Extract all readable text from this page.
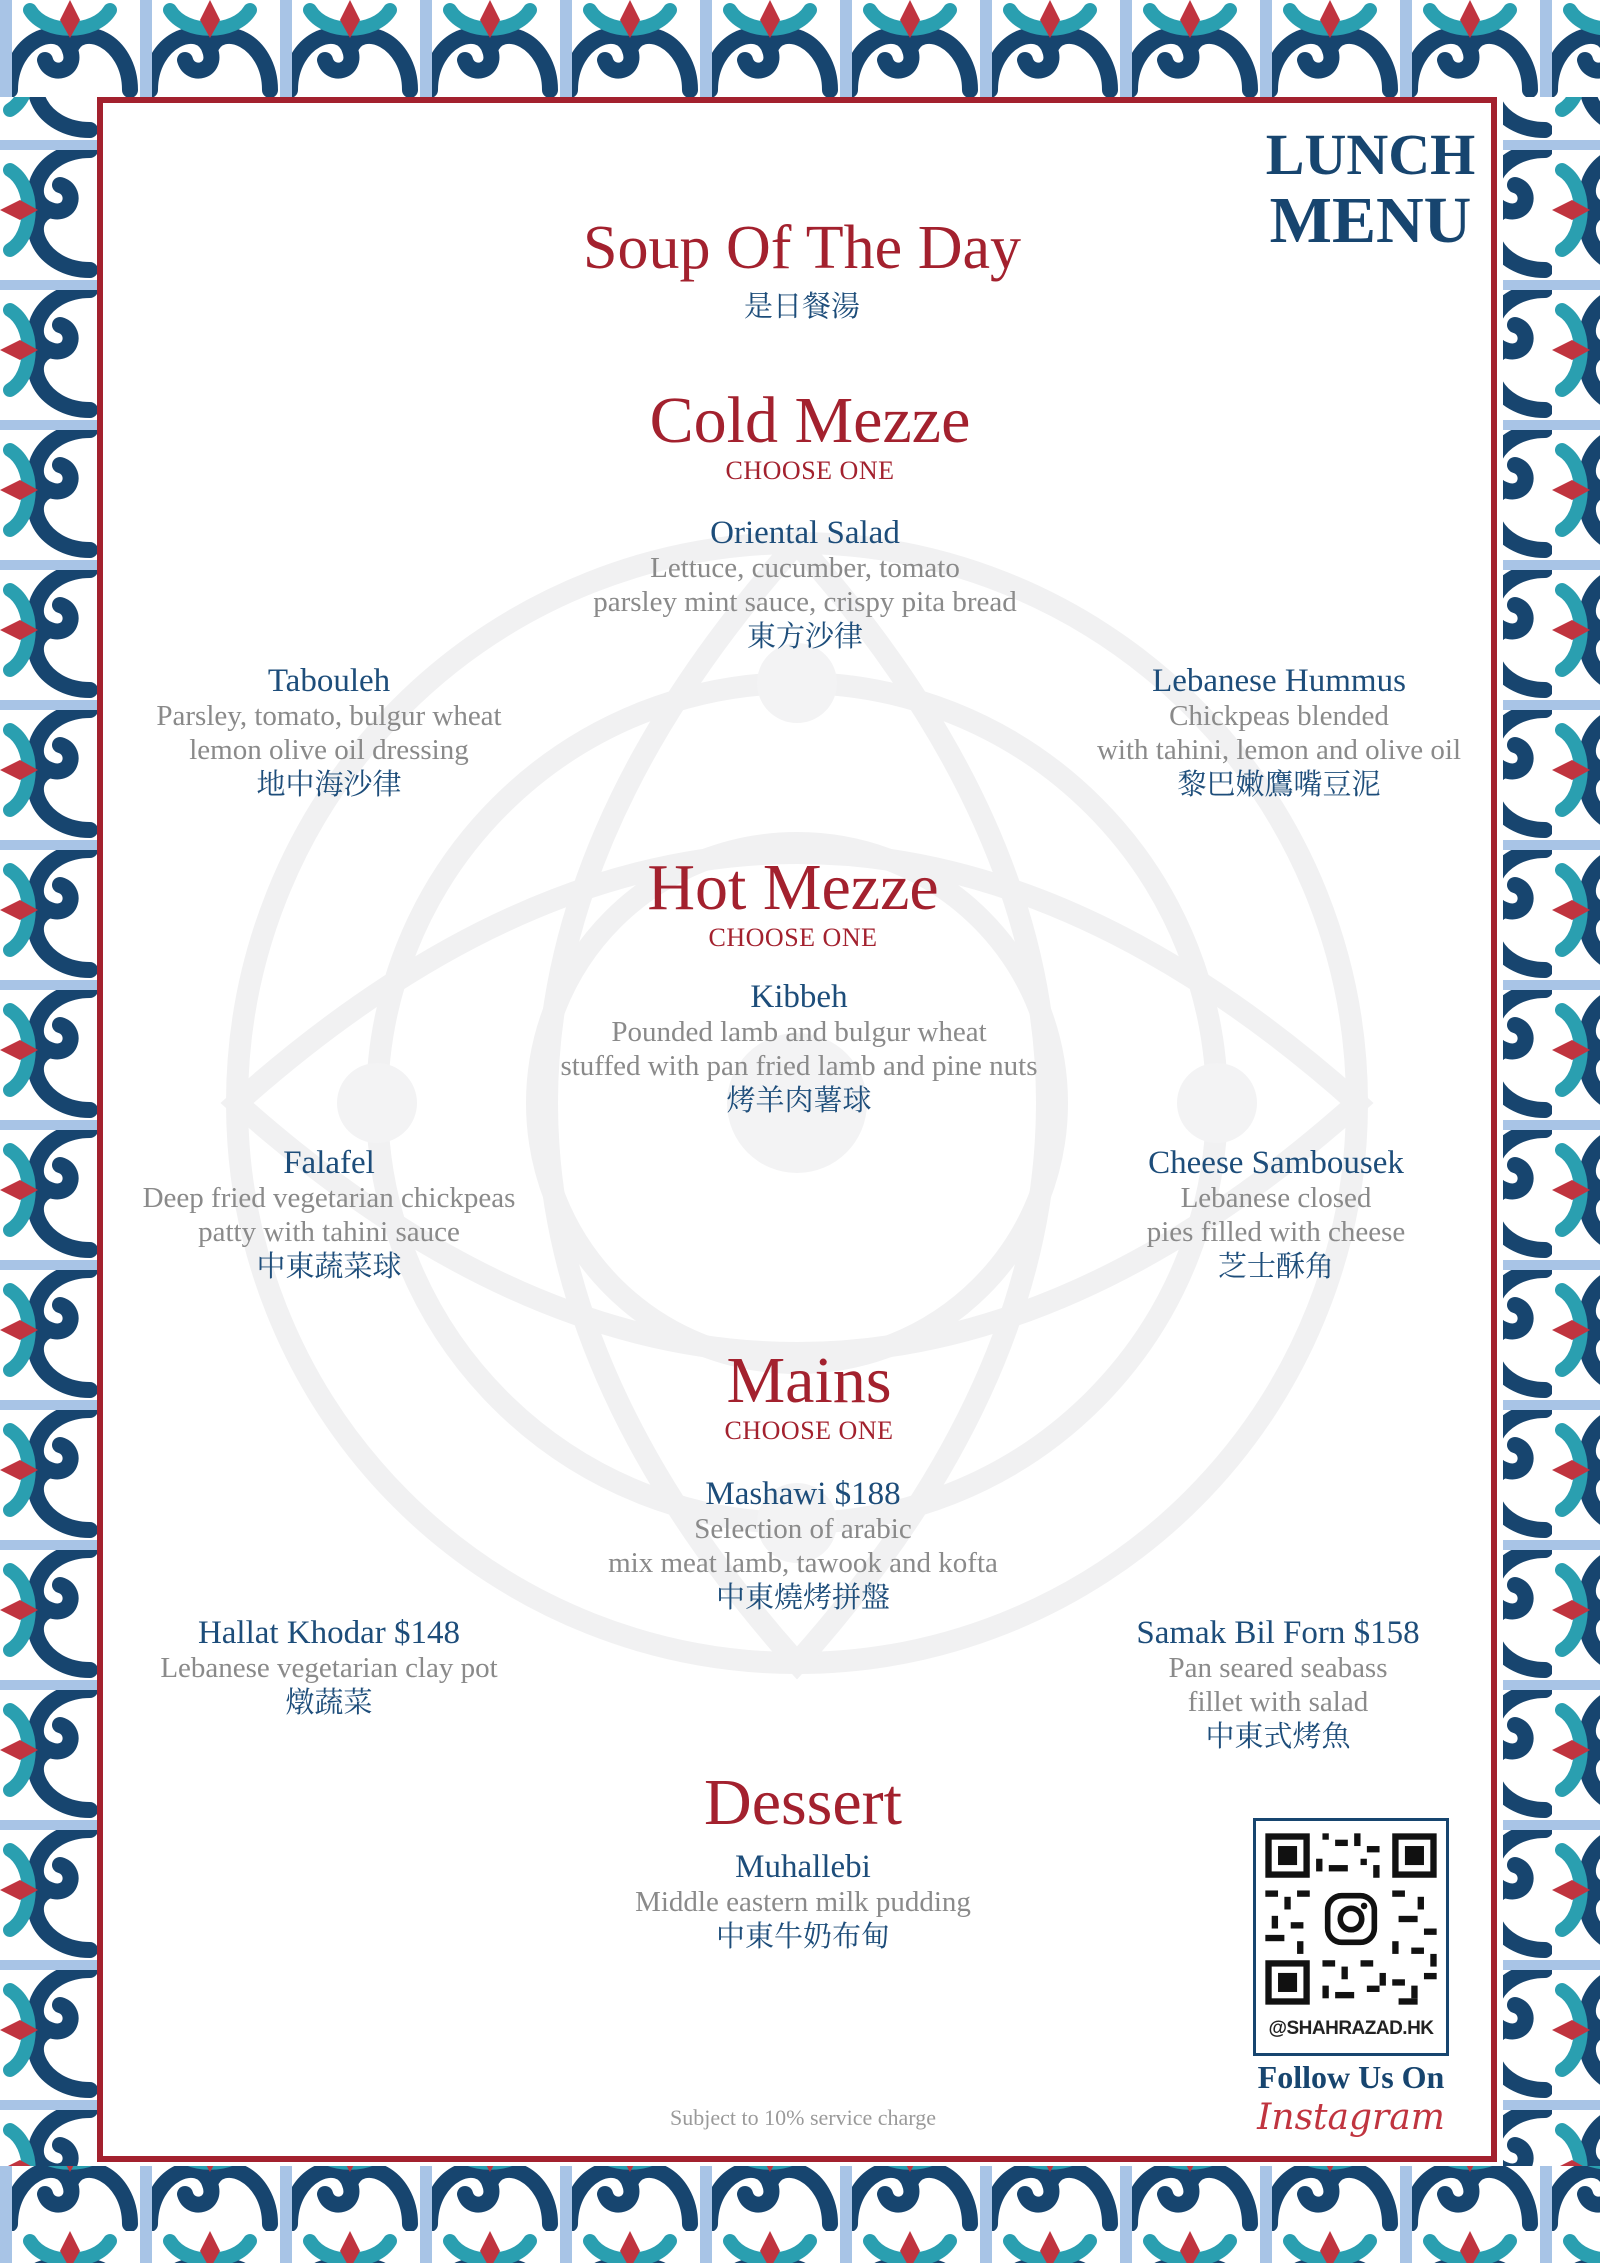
LUNCH
MENU
Soup Of The Day
是日餐湯
Cold Mezze
CHOOSE ONE
Oriental Salad
Lettuce, cucumber, tomato
parsley mint sauce, crispy pita bread
東方沙律
Tabouleh
Parsley, tomato, bulgur wheat
lemon olive oil dressing
地中海沙律
Lebanese Hummus
Chickpeas blended
with tahini, lemon and olive oil
黎巴嫩鷹嘴豆泥
Hot Mezze
CHOOSE ONE
Kibbeh
Pounded lamb and bulgur wheat
stuffed with pan fried lamb and pine nuts
烤羊肉薯球
Falafel
Deep fried vegetarian chickpeas
patty with tahini sauce
中東蔬菜球
Cheese Sambousek
Lebanese closed
pies filled with cheese
芝士酥角
Mains
CHOOSE ONE
Mashawi $188
Selection of arabic
mix meat lamb, tawook and kofta
中東燒烤拼盤
Hallat Khodar $148
Lebanese vegetarian clay pot
燉蔬菜
Samak Bil Forn $158
Pan seared seabass
fillet with salad
中東式烤魚
Dessert
Muhallebi
Middle eastern milk pudding
中東牛奶布甸
Subject to 10% service charge
@SHAHRAZAD.HK
Follow Us On
Instagram
